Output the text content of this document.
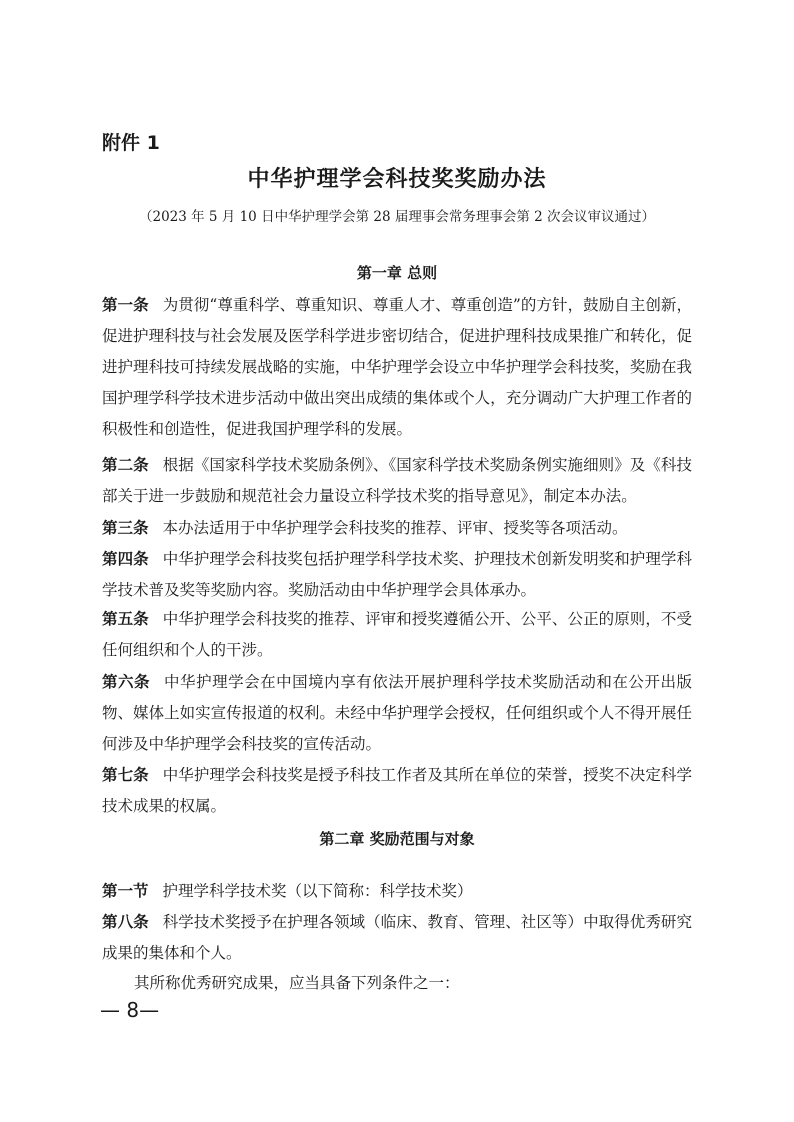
附件 1
中华护理学会科技奖奖励办法
（2023 年 5 月 10 日中华护理学会第 28 届理事会常务理事会第 2 次会议审议通过）
第一章 总则
第一条 为贯彻“尊重科学、尊重知识、尊重人才、尊重创造”的方针，鼓励自主创新，促进护理科技与社会发展及医学科学进步密切结合，促进护理科技成果推广和转化，促进护理科技可持续发展战略的实施，中华护理学会设立中华护理学会科技奖，奖励在我国护理学科学技术进步活动中做出突出成绩的集体或个人，充分调动广大护理工作者的积极性和创造性，促进我国护理学科的发展。
第二条 根据《国家科学技术奖励条例》、《国家科学技术奖励条例实施细则》及《科技部关于进一步鼓励和规范社会力量设立科学技术奖的指导意见》，制定本办法。
第三条 本办法适用于中华护理学会科技奖的推荐、评审、授奖等各项活动。
第四条 中华护理学会科技奖包括护理学科学技术奖、护理技术创新发明奖和护理学科学技术普及奖等奖励内容。奖励活动由中华护理学会具体承办。
第五条 中华护理学会科技奖的推荐、评审和授奖遵循公开、公平、公正的原则，不受任何组织和个人的干涉。
第六条 中华护理学会在中国境内享有依法开展护理科学技术奖励活动和在公开出版物、媒体上如实宣传报道的权利。未经中华护理学会授权，任何组织或个人不得开展任何涉及中华护理学会科技奖的宣传活动。
第七条 中华护理学会科技奖是授予科技工作者及其所在单位的荣誉，授奖不决定科学技术成果的权属。
第二章 奖励范围与对象
第一节 护理学科学技术奖（以下简称：科学技术奖）
第八条 科学技术奖授予在护理各领域（临床、教育、管理、社区等）中取得优秀研究成果的集体和个人。
其所称优秀研究成果，应当具备下列条件之一：
— 8—
